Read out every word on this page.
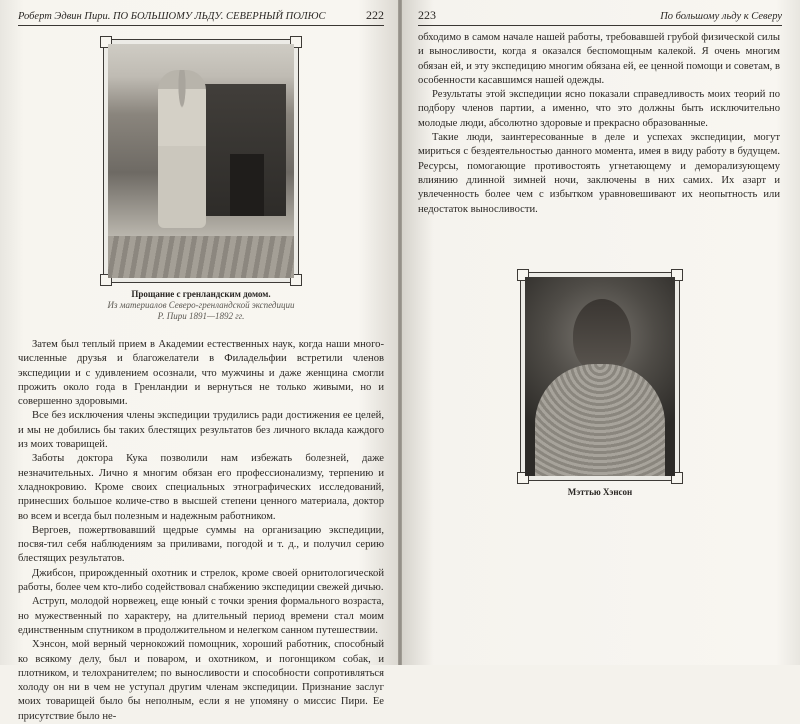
Роберт Эдвин Пири. ПО БОЛЬШОМУ ЛЬДУ. СЕВЕРНЫЙ ПОЛЮС	222
Прощание с гренландским домом.
Из материалов Северо-гренландской экспедиции
Р. Пири 1891—1892 гг.

Затем был теплый прием в Академии естественных наук, когда наши много-численные друзья и благожелатели в Филадельфии встретили членов экспедиции и с удивлением осознали, что мужчины и даже женщина смогли прожить около года в Гренландии и вернуться не только живыми, но и совершенно здоровыми.

Все без исключения члены экспедиции трудились ради достижения ее целей, и мы не добились бы таких блестящих результатов без личного вклада каждого из моих товарищей.

Заботы доктора Кука позволили нам избежать болезней, даже незначительных. Лично я многим обязан его профессионализму, терпению и хладнокровию. Кроме своих специальных этнографических исследований, принесших большое количе-ство в высшей степени ценного материала, доктор во всем и всегда был полезным и надежным работником.

Вергоев, пожертвовавший щедрые суммы на организацию экспедиции, посвя-тил себя наблюдениям за приливами, погодой и т. д., и получил серию блестящих результатов.

Джибсон, прирожденный охотник и стрелок, кроме своей орнитологической работы, более чем кто-либо содействовал снабжению экспедиции свежей дичью.

Аструп, молодой норвежец, еще юный с точки зрения формального возраста, но мужественный по характеру, на длительный период времени стал моим единственным спутником в продолжительном и нелегком санном путешествии.

Хэнсон, мой верный чернокожий помощник, хороший работник, способный ко всякому делу, был и поваром, и охотником, и погонщиком собак, и плотником, и телохранителем; по выносливости и способности сопротивляться холоду он ни в чем не уступал другим членам экспедиции. Признание заслуг моих товарищей было бы неполным, если я не упомяну о миссис Пири. Ее присутствие было не-

223	По большому льду к Северу

обходимо в самом начале нашей работы, требовавшей грубой физической силы и выносливости, когда я оказался беспомощным калекой. Я очень многим обязан ей, и эту экспедицию многим обязана ей, ее ценной помощи и советам, в особенности касавшимся нашей одежды.

Результаты этой экспедиции ясно показали справедливость моих теорий по подбору членов партии, а именно, что это должны быть исключительно молодые люди, абсолютно здоровые и прекрасно образованные.

Такие люди, заинтересованные в деле и успехах экспедиции, могут мириться с бездеятельностью данного момента, имея в виду работу в будущем. Ресурсы, помогающие противостоять угнетающему и деморализующему влиянию длинной зимней ночи, заключены в них самих. Их азарт и увлеченность более чем с избытком уравновешивают их неопытность или недостаток выносливости.

Мэттью Хэнсон
